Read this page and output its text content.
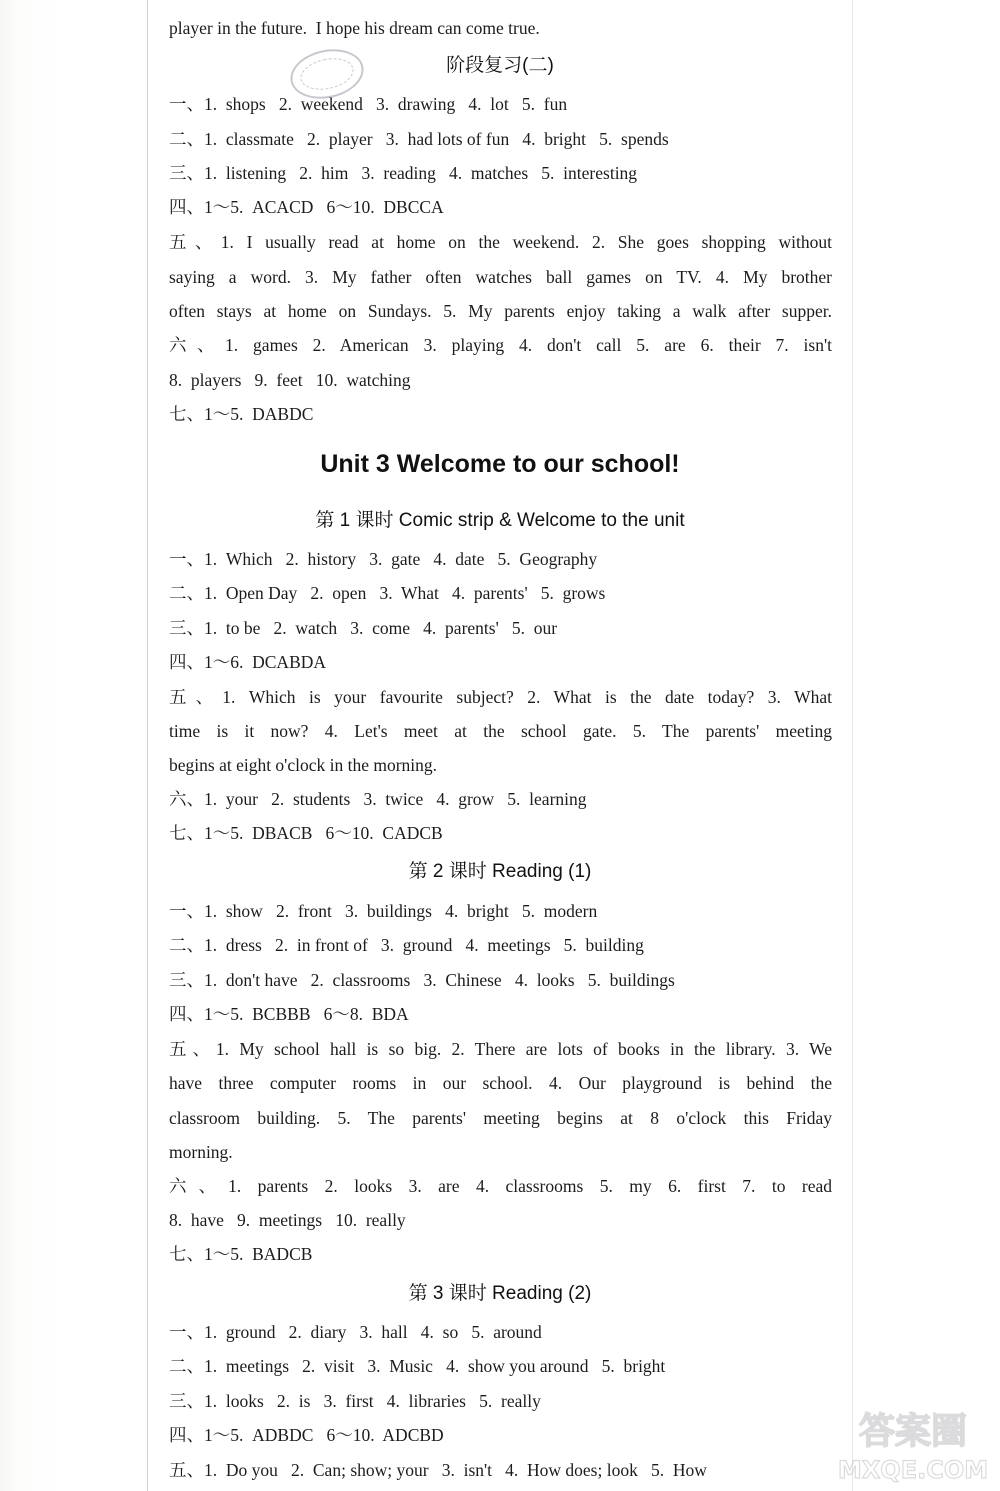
player in the future.  I hope his dream can come true.
阶段复习(二)
一、1.  shops   2.  weekend   3.  drawing   4.  lot   5.  fun
二、1.  classmate   2.  player   3.  had lots of fun   4.  bright   5.  spends
三、1.  listening   2.  him   3.  reading   4.  matches   5.  interesting
四、1～5.  ACACD   6～10.  DBCCA
五、1. I usually read at home on the weekend. 2. She goes shopping without
saying a word. 3. My father often watches ball games on TV. 4. My brother
often stays at home on Sundays. 5. My parents enjoy taking a walk after supper.
六、1. games 2. American 3. playing 4. don't call 5. are 6. their 7. isn't
8.  players   9.  feet   10.  watching
七、1～5.  DABDC
Unit 3 Welcome to our school!
第 1 课时 Comic strip & Welcome to the unit
一、1.  Which   2.  history   3.  gate   4.  date   5.  Geography
二、1.  Open Day   2.  open   3.  What   4.  parents'   5.  grows
三、1.  to be   2.  watch   3.  come   4.  parents'   5.  our
四、1～6.  DCABDA
五、1. Which is your favourite subject? 2. What is the date today? 3. What
time is it now? 4. Let's meet at the school gate. 5. The parents' meeting
begins at eight o'clock in the morning.
六、1.  your   2.  students   3.  twice   4.  grow   5.  learning
七、1～5.  DBACB   6～10.  CADCB
第 2 课时 Reading (1)
一、1.  show   2.  front   3.  buildings   4.  bright   5.  modern
二、1.  dress   2.  in front of   3.  ground   4.  meetings   5.  building
三、1.  don't have   2.  classrooms   3.  Chinese   4.  looks   5.  buildings
四、1～5.  BCBBB   6～8.  BDA
五、1. My school hall is so big. 2. There are lots of books in the library. 3. We
have three computer rooms in our school. 4. Our playground is behind the
classroom building. 5. The parents' meeting begins at 8 o'clock this Friday
morning.
六、1. parents 2. looks 3. are 4. classrooms 5. my 6. first 7. to read
8.  have   9.  meetings   10.  really
七、1～5.  BADCB
第 3 课时 Reading (2)
一、1.  ground   2.  diary   3.  hall   4.  so   5.  around
二、1.  meetings   2.  visit   3.  Music   4.  show you around   5.  bright
三、1.  looks   2.  is   3.  first   4.  libraries   5.  really
四、1～5.  ADBDC   6～10.  ADCBD
五、1.  Do you   2.  Can; show; your   3.  isn't   4.  How does; look   5.  How
答案圈
MXQE.COM
